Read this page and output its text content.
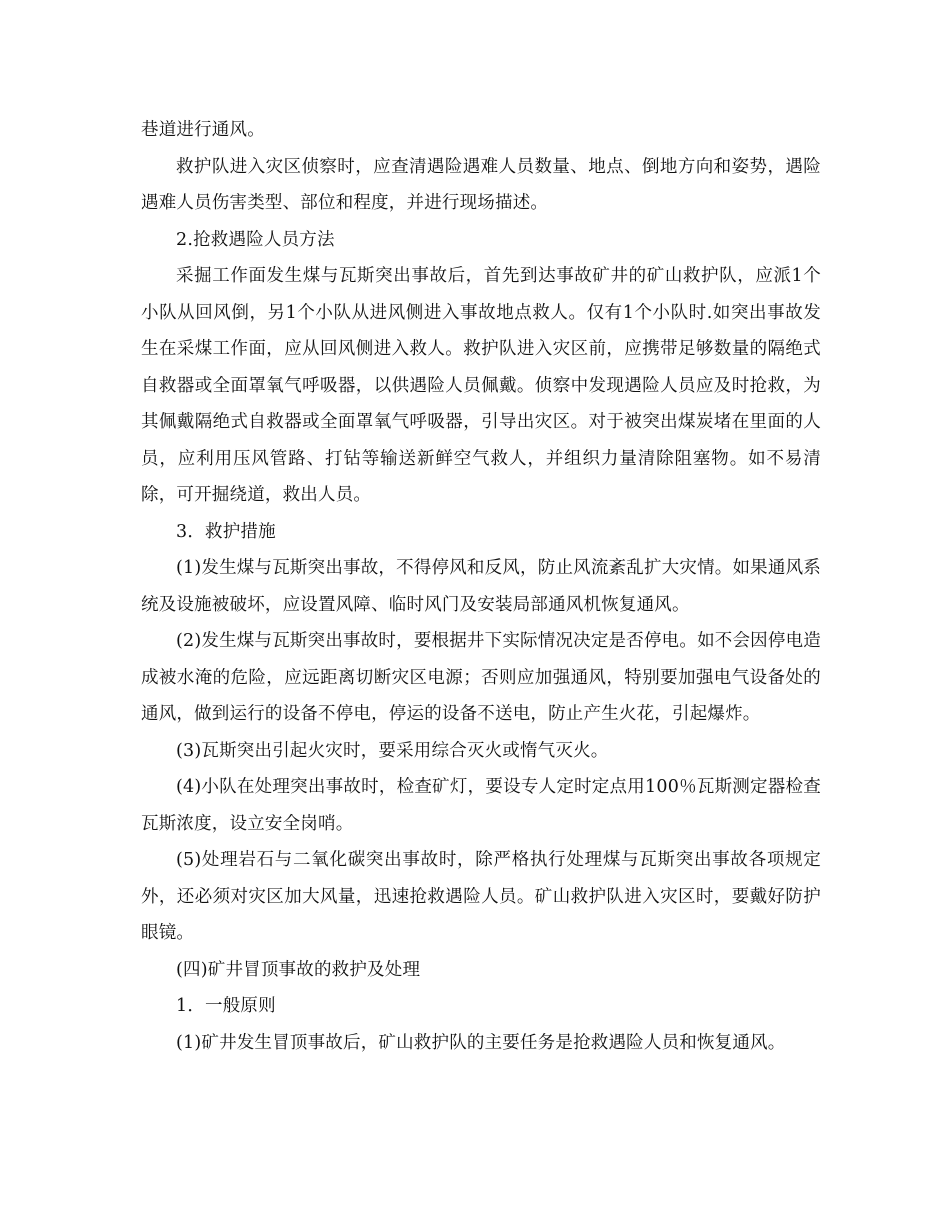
巷道进行通风。

救护队进入灾区侦察时，应查清遇险遇难人员数量、地点、倒地方向和姿势，遇险遇难人员伤害类型、部位和程度，并进行现场描述。

2.抢救遇险人员方法

采掘工作面发生煤与瓦斯突出事故后，首先到达事故矿井的矿山救护队，应派1个小队从回风倒，另1个小队从进风侧进入事故地点救人。仅有1个小队时.如突出事故发生在采煤工作面，应从回风侧进入救人。救护队进入灾区前，应携带足够数量的隔绝式自救器或全面罩氧气呼吸器，以供遇险人员佩戴。侦察中发现遇险人员应及时抢救，为其佩戴隔绝式自救器或全面罩氧气呼吸器，引导出灾区。对于被突出煤炭堵在里面的人员，应利用压风管路、打钻等输送新鲜空气救人，并组织力量清除阻塞物。如不易清除，可开掘绕道，救出人员。

3．救护措施

(1)发生煤与瓦斯突出事故，不得停风和反风，防止风流紊乱扩大灾情。如果通风系统及设施被破坏，应设置风障、临时风门及安装局部通风机恢复通风。

(2)发生煤与瓦斯突出事故时，要根据井下实际情况决定是否停电。如不会因停电造成被水淹的危险，应远距离切断灾区电源；否则应加强通风，特别要加强电气设备处的通风，做到运行的设备不停电，停运的设备不送电，防止产生火花，引起爆炸。

(3)瓦斯突出引起火灾时，要采用综合灭火或惰气灭火。

(4)小队在处理突出事故时，检查矿灯，要设专人定时定点用100％瓦斯测定器检查瓦斯浓度，设立安全岗哨。

(5)处理岩石与二氧化碳突出事故时，除严格执行处理煤与瓦斯突出事故各项规定外，还必须对灾区加大风量，迅速抢救遇险人员。矿山救护队进入灾区时，要戴好防护眼镜。

(四)矿井冒顶事故的救护及处理

1．一般原则

(1)矿井发生冒顶事故后，矿山救护队的主要任务是抢救遇险人员和恢复通风。
